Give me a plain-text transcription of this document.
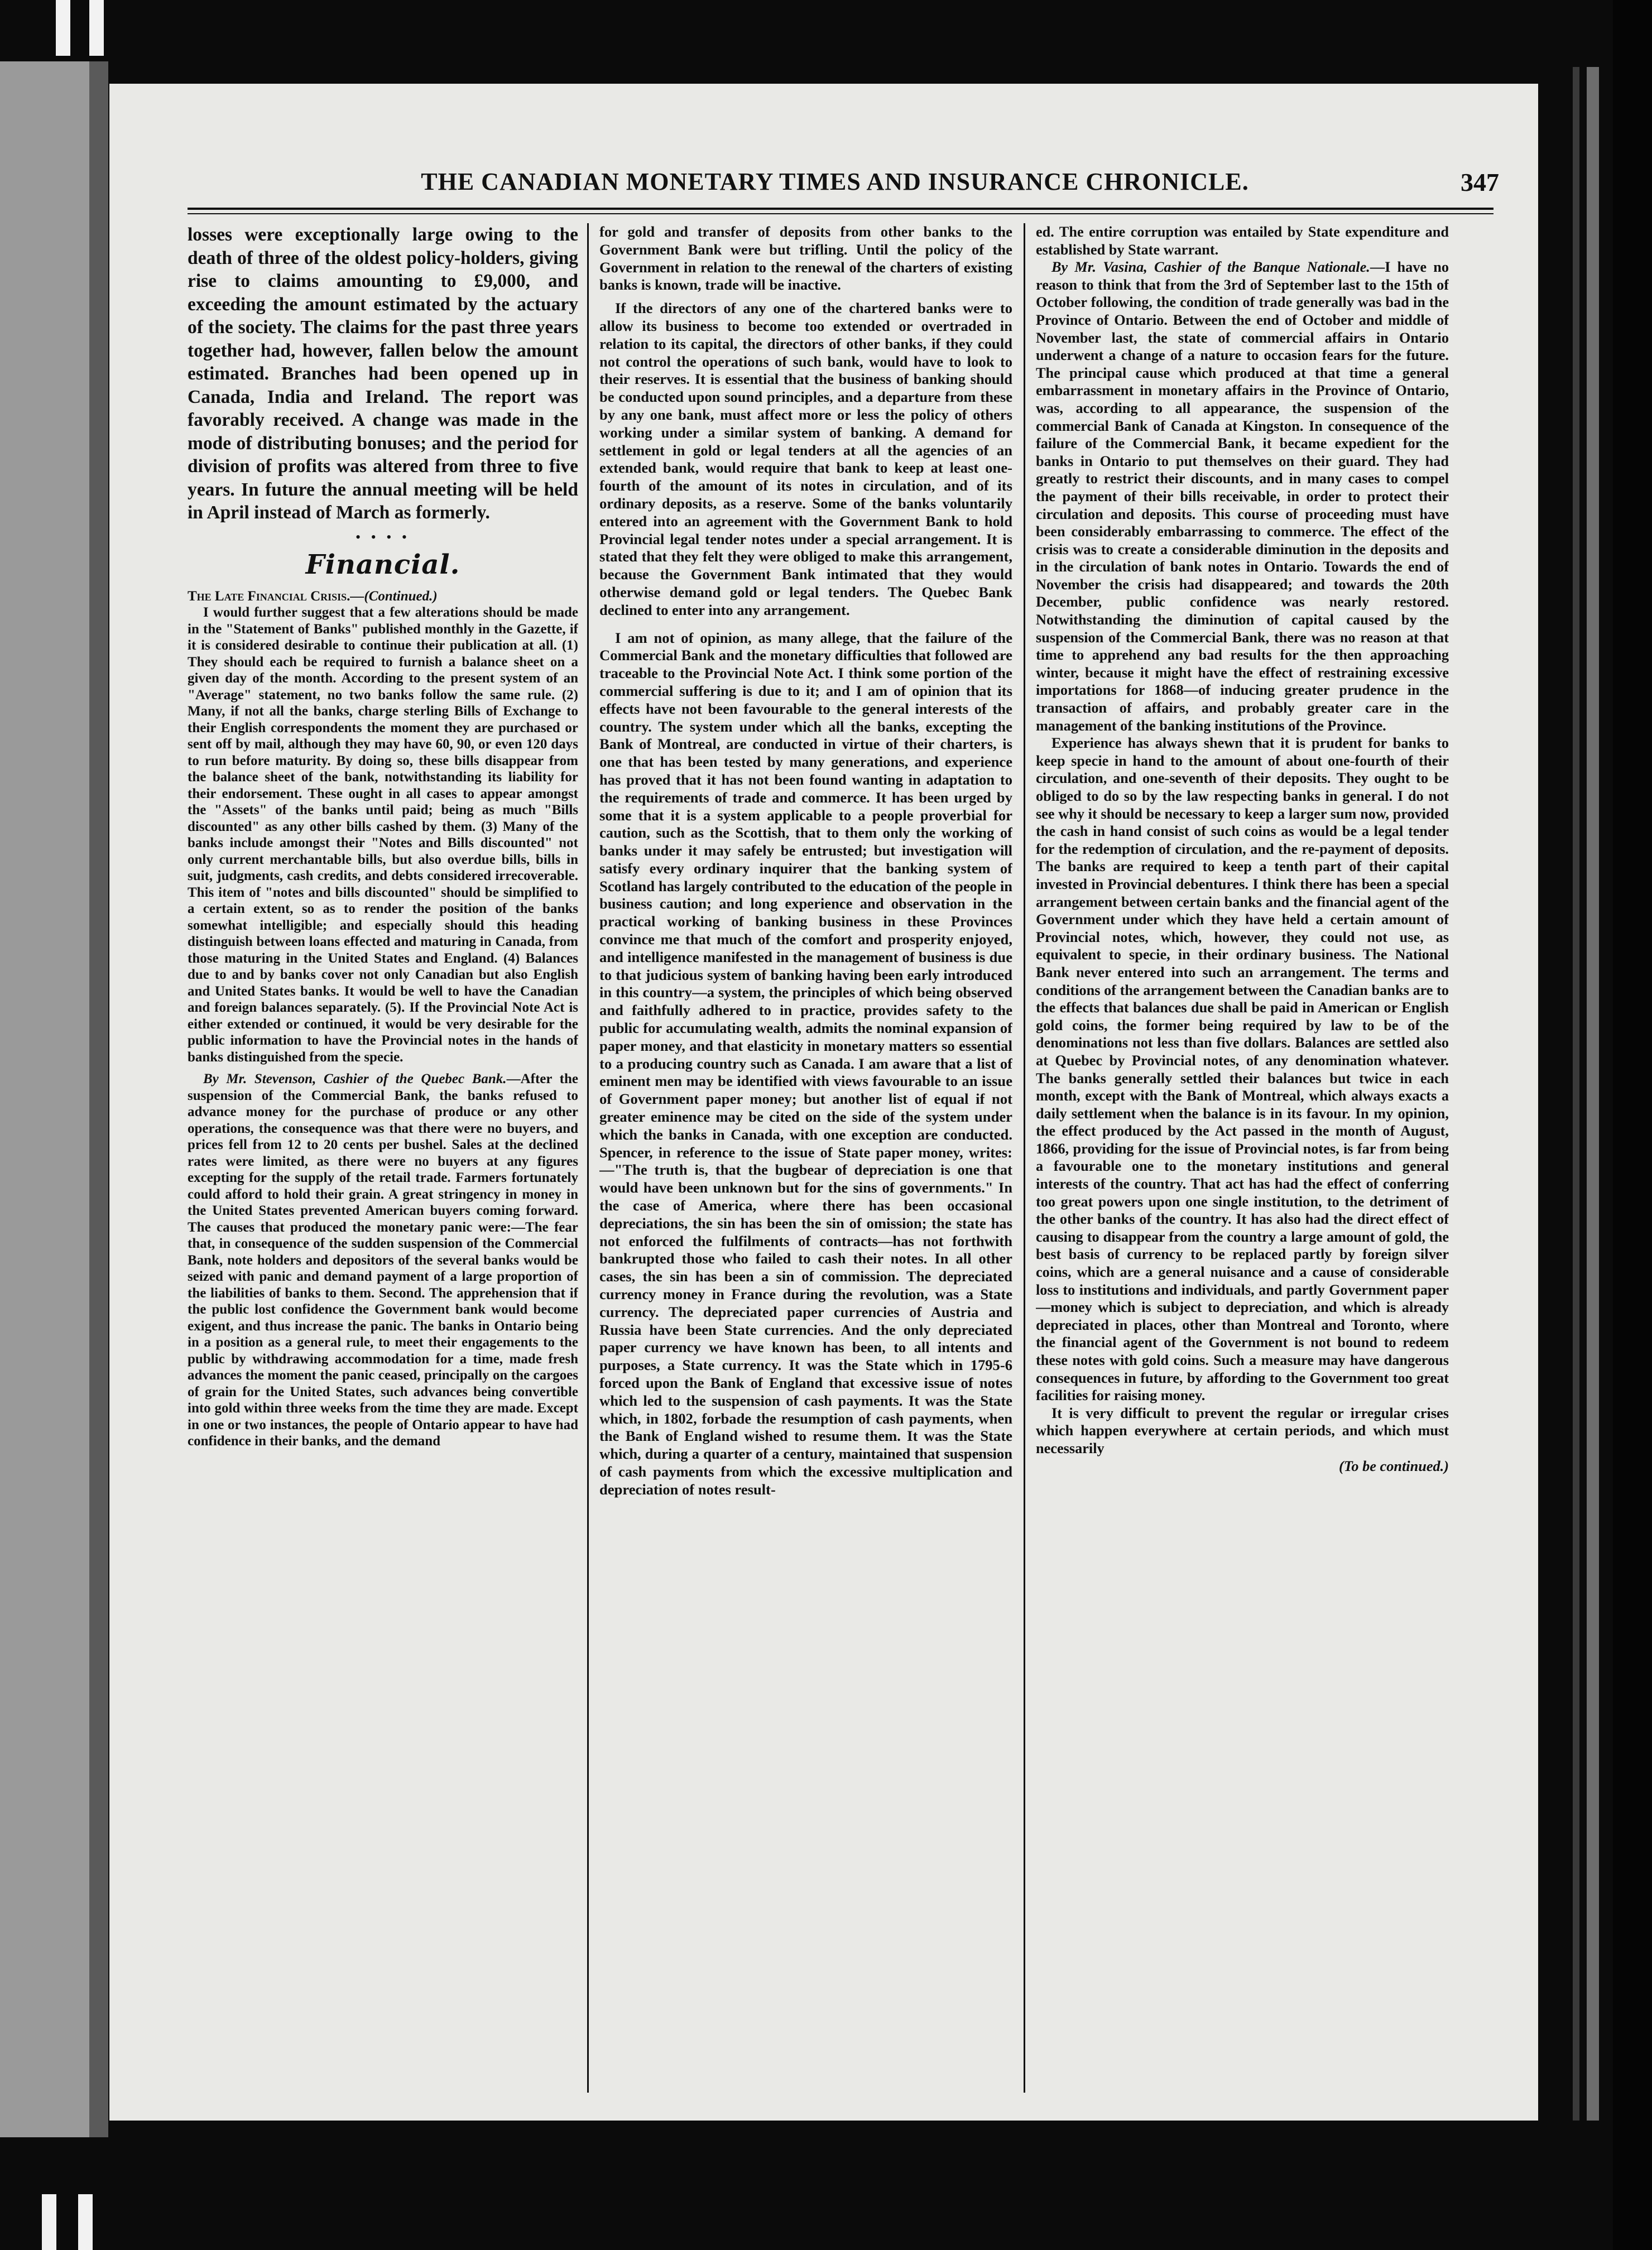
THE CANADIAN MONETARY TIMES AND INSURANCE CHRONICLE.	347

losses were exceptionally large owing to the death of three of the oldest policy-holders, giving rise to claims amounting to £9,000, and exceeding the amount estimated by the actuary of the society. The claims for the past three years together had, however, fallen below the amount estimated. Branches had been opened up in Canada, India and Ireland. The report was favorably received. A change was made in the mode of distributing bonuses; and the period for division of profits was altered from three to five years. In future the annual meeting will be held in April instead of March as formerly.

• • • •
Financial.

The Late Financial Crisis.—(Continued.)

I would further suggest that a few alterations should be made in the "Statement of Banks" published monthly in the Gazette, if it is considered desirable to continue their publication at all. (1) They should each be required to furnish a balance sheet on a given day of the month. According to the present system of an "Average" statement, no two banks follow the same rule. (2) Many, if not all the banks, charge sterling Bills of Exchange to their English correspondents the moment they are purchased or sent off by mail, although they may have 60, 90, or even 120 days to run before maturity. By doing so, these bills disappear from the balance sheet of the bank, notwithstanding its liability for their endorsement. These ought in all cases to appear amongst the "Assets" of the banks until paid; being as much "Bills discounted" as any other bills cashed by them. (3) Many of the banks include amongst their "Notes and Bills discounted" not only current merchantable bills, but also overdue bills, bills in suit, judgments, cash credits, and debts considered irrecoverable. This item of "notes and bills discounted" should be simplified to a certain extent, so as to render the position of the banks somewhat intelligible; and especially should this heading distinguish between loans effected and maturing in Canada, from those maturing in the United States and England. (4) Balances due to and by banks cover not only Canadian but also English and United States banks. It would be well to have the Canadian and foreign balances separately. (5). If the Provincial Note Act is either extended or continued, it would be very desirable for the public information to have the Provincial notes in the hands of banks distinguished from the specie.

By Mr. Stevenson, Cashier of the Quebec Bank.—After the suspension of the Commercial Bank, the banks refused to advance money for the purchase of produce or any other operations, the consequence was that there were no buyers, and prices fell from 12 to 20 cents per bushel. Sales at the declined rates were limited, as there were no buyers at any figures excepting for the supply of the retail trade. Farmers fortunately could afford to hold their grain. A great stringency in money in the United States prevented American buyers coming forward. The causes that produced the monetary panic were:—The fear that, in consequence of the sudden suspension of the Commercial Bank, note holders and depositors of the several banks would be seized with panic and demand payment of a large proportion of the liabilities of banks to them. Second. The apprehension that if the public lost confidence the Government bank would become exigent, and thus increase the panic. The banks in Ontario being in a position as a general rule, to meet their engagements to the public by withdrawing accommodation for a time, made fresh advances the moment the panic ceased, principally on the cargoes of grain for the United States, such advances being convertible into gold within three weeks from the time they are made. Except in one or two instances, the people of Ontario appear to have had confidence in their banks, and the demand

for gold and transfer of deposits from other banks to the Government Bank were but trifling. Until the policy of the Government in relation to the renewal of the charters of existing banks is known, trade will be inactive.

If the directors of any one of the chartered banks were to allow its business to become too extended or overtraded in relation to its capital, the directors of other banks, if they could not control the operations of such bank, would have to look to their reserves. It is essential that the business of banking should be conducted upon sound principles, and a departure from these by any one bank, must affect more or less the policy of others working under a similar system of banking. A demand for settlement in gold or legal tenders at all the agencies of an extended bank, would require that bank to keep at least one-fourth of the amount of its notes in circulation, and of its ordinary deposits, as a reserve. Some of the banks voluntarily entered into an agreement with the Government Bank to hold Provincial legal tender notes under a special arrangement. It is stated that they felt they were obliged to make this arrangement, because the Government Bank intimated that they would otherwise demand gold or legal tenders. The Quebec Bank declined to enter into any arrangement.

I am not of opinion, as many allege, that the failure of the Commercial Bank and the monetary difficulties that followed are traceable to the Provincial Note Act. I think some portion of the commercial suffering is due to it; and I am of opinion that its effects have not been favourable to the general interests of the country. The system under which all the banks, excepting the Bank of Montreal, are conducted in virtue of their charters, is one that has been tested by many generations, and experience has proved that it has not been found wanting in adaptation to the requirements of trade and commerce. It has been urged by some that it is a system applicable to a people proverbial for caution, such as the Scottish, that to them only the working of banks under it may safely be entrusted; but investigation will satisfy every ordinary inquirer that the banking system of Scotland has largely contributed to the education of the people in business caution; and long experience and observation in the practical working of banking business in these Provinces convince me that much of the comfort and prosperity enjoyed, and intelligence manifested in the management of business is due to that judicious system of banking having been early introduced in this country—a system, the principles of which being observed and faithfully adhered to in practice, provides safety to the public for accumulating wealth, admits the nominal expansion of paper money, and that elasticity in monetary matters so essential to a producing country such as Canada. I am aware that a list of eminent men may be identified with views favourable to an issue of Government paper money; but another list of equal if not greater eminence may be cited on the side of the system under which the banks in Canada, with one exception are conducted. Spencer, in reference to the issue of State paper money, writes:—"The truth is, that the bugbear of depreciation is one that would have been unknown but for the sins of governments." In the case of America, where there has been occasional depreciations, the sin has been the sin of omission; the state has not enforced the fulfilments of contracts—has not forthwith bankrupted those who failed to cash their notes. In all other cases, the sin has been a sin of commission. The depreciated currency money in France during the revolution, was a State currency. The depreciated paper currencies of Austria and Russia have been State currencies. And the only depreciated paper currency we have known has been, to all intents and purposes, a State currency. It was the State which in 1795-6 forced upon the Bank of England that excessive issue of notes which led to the suspension of cash payments. It was the State which, in 1802, forbade the resumption of cash payments, when the Bank of England wished to resume them. It was the State which, during a quarter of a century, maintained that suspension of cash payments from which the excessive multiplication and depreciation of notes result-

ed. The entire corruption was entailed by State expenditure and established by State warrant.

By Mr. Vasina, Cashier of the Banque Nationale.—I have no reason to think that from the 3rd of September last to the 15th of October following, the condition of trade generally was bad in the Province of Ontario. Between the end of October and middle of November last, the state of commercial affairs in Ontario underwent a change of a nature to occasion fears for the future. The principal cause which produced at that time a general embarrassment in monetary affairs in the Province of Ontario, was, according to all appearance, the suspension of the commercial Bank of Canada at Kingston. In consequence of the failure of the Commercial Bank, it became expedient for the banks in Ontario to put themselves on their guard. They had greatly to restrict their discounts, and in many cases to compel the payment of their bills receivable, in order to protect their circulation and deposits. This course of proceeding must have been considerably embarrassing to commerce. The effect of the crisis was to create a considerable diminution in the deposits and in the circulation of bank notes in Ontario. Towards the end of November the crisis had disappeared; and towards the 20th December, public confidence was nearly restored. Notwithstanding the diminution of capital caused by the suspension of the Commercial Bank, there was no reason at that time to apprehend any bad results for the then approaching winter, because it might have the effect of restraining excessive importations for 1868—of inducing greater prudence in the transaction of affairs, and probably greater care in the management of the banking institutions of the Province.

Experience has always shewn that it is prudent for banks to keep specie in hand to the amount of about one-fourth of their circulation, and one-seventh of their deposits. They ought to be obliged to do so by the law respecting banks in general. I do not see why it should be necessary to keep a larger sum now, provided the cash in hand consist of such coins as would be a legal tender for the redemption of circulation, and the re-payment of deposits. The banks are required to keep a tenth part of their capital invested in Provincial debentures. I think there has been a special arrangement between certain banks and the financial agent of the Government under which they have held a certain amount of Provincial notes, which, however, they could not use, as equivalent to specie, in their ordinary business. The National Bank never entered into such an arrangement. The terms and conditions of the arrangement between the Canadian banks are to the effects that balances due shall be paid in American or English gold coins, the former being required by law to be of the denominations not less than five dollars. Balances are settled also at Quebec by Provincial notes, of any denomination whatever. The banks generally settled their balances but twice in each month, except with the Bank of Montreal, which always exacts a daily settlement when the balance is in its favour. In my opinion, the effect produced by the Act passed in the month of August, 1866, providing for the issue of Provincial notes, is far from being a favourable one to the monetary institutions and general interests of the country. That act has had the effect of conferring too great powers upon one single institution, to the detriment of the other banks of the country. It has also had the direct effect of causing to disappear from the country a large amount of gold, the best basis of currency to be replaced partly by foreign silver coins, which are a general nuisance and a cause of considerable loss to institutions and individuals, and partly Government paper—money which is subject to depreciation, and which is already depreciated in places, other than Montreal and Toronto, where the financial agent of the Government is not bound to redeem these notes with gold coins. Such a measure may have dangerous consequences in future, by affording to the Government too great facilities for raising money.

It is very difficult to prevent the regular or irregular crises which happen everywhere at certain periods, and which must necessarily

(To be continued.)
